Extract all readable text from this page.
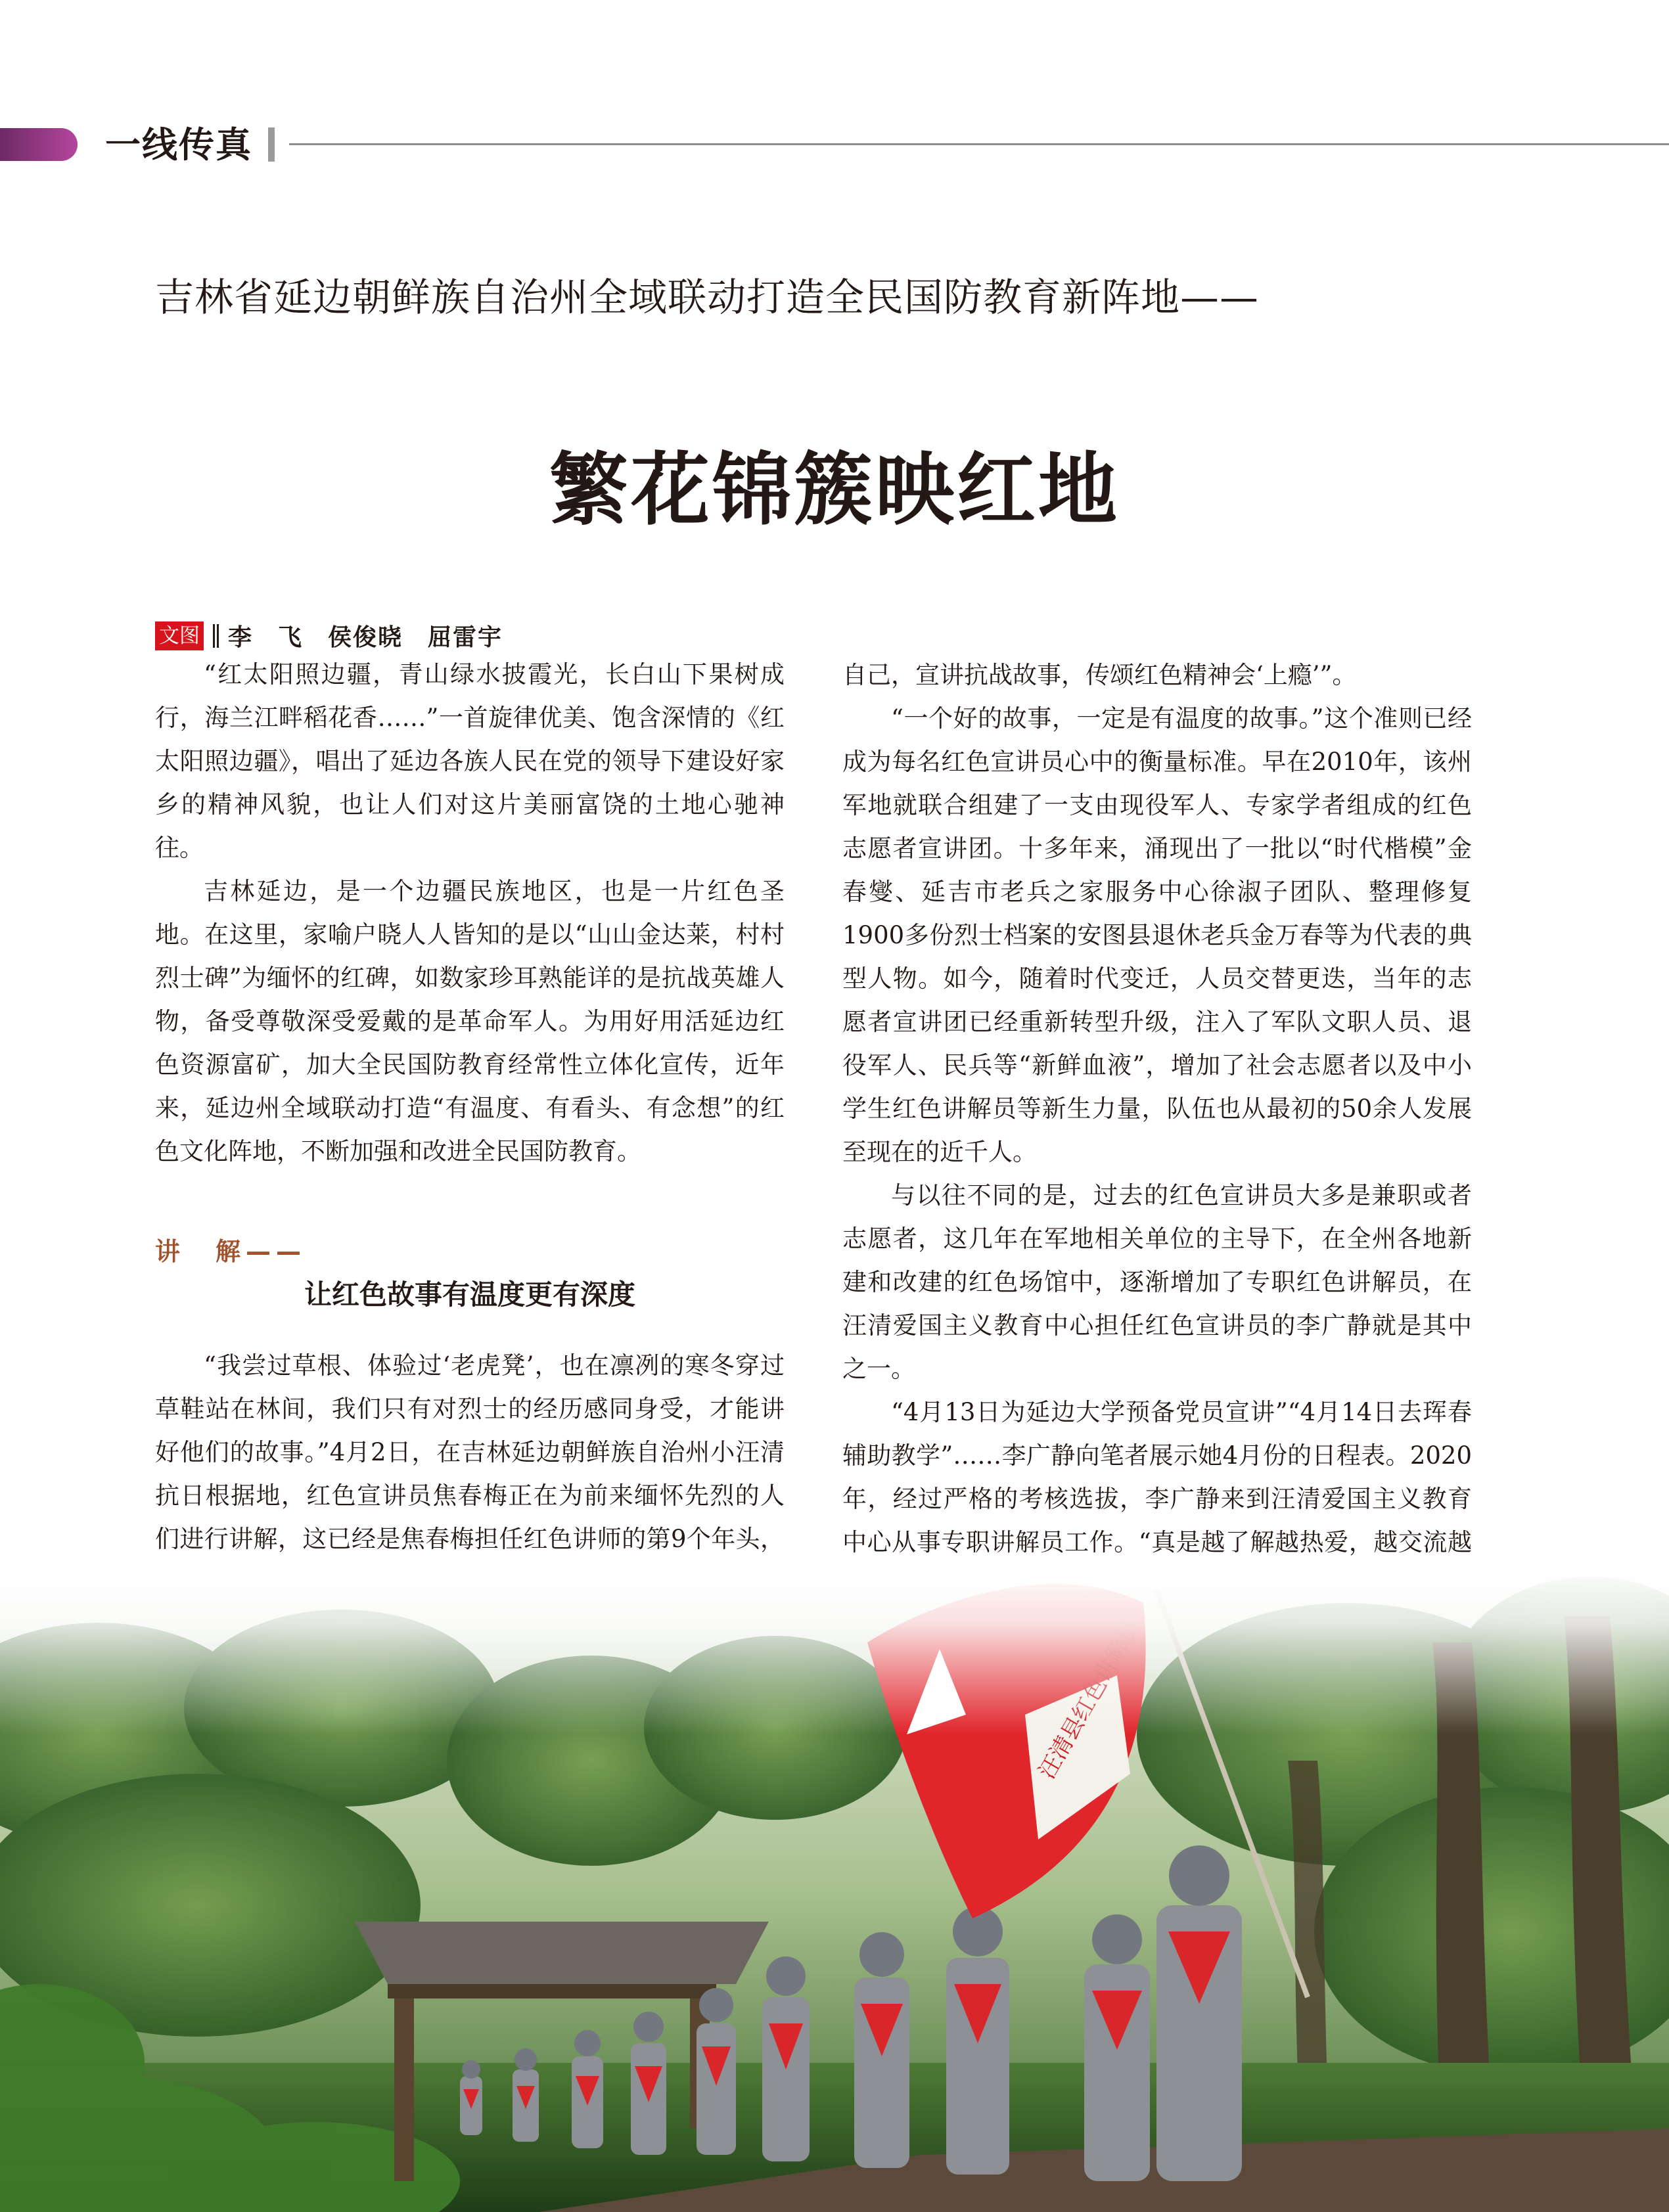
一线传真
吉林省延边朝鲜族自治州全域联动打造全民国防教育新阵地——
繁花锦簇映红地
文图 李　飞　侯俊晓　屈雷宇

“红太阳照边疆，青山绿水披霞光，长白山下果树成行，海兰江畔稻花香……”一首旋律优美、饱含深情的《红太阳照边疆》，唱出了延边各族人民在党的领导下建设好家乡的精神风貌，也让人们对这片美丽富饶的土地心驰神往。

吉林延边，是一个边疆民族地区，也是一片红色圣地。在这里，家喻户晓人人皆知的是以“山山金达莱，村村烈士碑”为缅怀的红碑，如数家珍耳熟能详的是抗战英雄人物，备受尊敬深受爱戴的是革命军人。为用好用活延边红色资源富矿，加大全民国防教育经常性立体化宣传，近年来，延边州全域联动打造“有温度、有看头、有念想”的红色文化阵地，不断加强和改进全民国防教育。

讲　解——
让红色故事有温度更有深度

“我尝过草根、体验过‘老虎凳’，也在凛冽的寒冬穿过草鞋站在林间，我们只有对烈士的经历感同身受，才能讲好他们的故事。”4月2日，在吉林延边朝鲜族自治州小汪清抗日根据地，红色宣讲员焦春梅正在为前来缅怀先烈的人们进行讲解，这已经是焦春梅担任红色讲师的第9个年头，

自己，宣讲抗战故事，传颂红色精神会‘上瘾’”。

“一个好的故事，一定是有温度的故事。”这个准则已经成为每名红色宣讲员心中的衡量标准。早在2010年，该州军地就联合组建了一支由现役军人、专家学者组成的红色志愿者宣讲团。十多年来，涌现出了一批以“时代楷模”金春燮、延吉市老兵之家服务中心徐淑子团队、整理修复1900多份烈士档案的安图县退休老兵金万春等为代表的典型人物。如今，随着时代变迁，人员交替更迭，当年的志愿者宣讲团已经重新转型升级，注入了军队文职人员、退役军人、民兵等“新鲜血液”，增加了社会志愿者以及中小学生红色讲解员等新生力量，队伍也从最初的50余人发展至现在的近千人。

与以往不同的是，过去的红色宣讲员大多是兼职或者志愿者，这几年在军地相关单位的主导下，在全州各地新建和改建的红色场馆中，逐渐增加了专职红色讲解员，在汪清爱国主义教育中心担任红色宣讲员的李广静就是其中之一。

“4月13日为延边大学预备党员宣讲”“4月14日去珲春辅助教学”……李广静向笔者展示她4月份的日程表。2020年，经过严格的考核选拔，李广静来到汪清爱国主义教育中心从事专职讲解员工作。“真是越了解越热爱，越交流越
